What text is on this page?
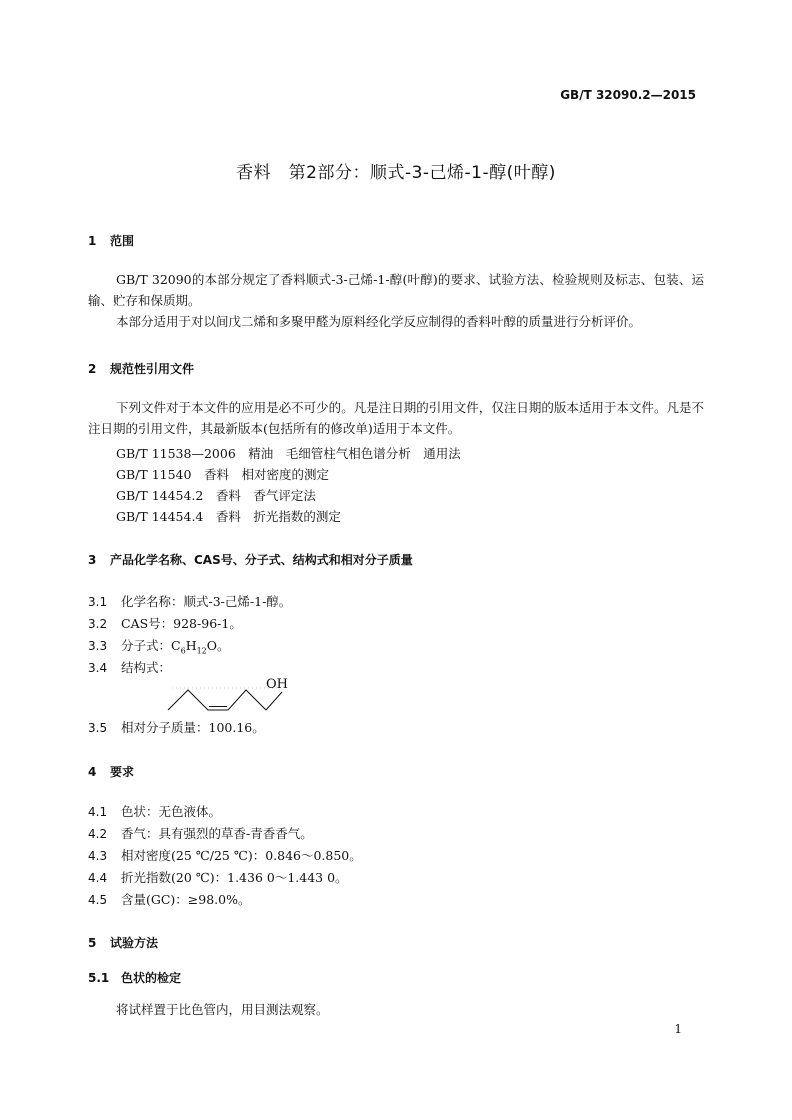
GB/T 32090.2—2015
香料　第2部分：顺式-3-己烯-1-醇(叶醇)
1 范围

GB/T 32090的本部分规定了香料顺式-3-己烯-1-醇(叶醇)的要求、试验方法、检验规则及标志、包装、运输、贮存和保质期。

本部分适用于对以间戊二烯和多聚甲醛为原料经化学反应制得的香料叶醇的质量进行分析评价。

2 规范性引用文件

下列文件对于本文件的应用是必不可少的。凡是注日期的引用文件，仅注日期的版本适用于本文件。凡是不注日期的引用文件，其最新版本(包括所有的修改单)适用于本文件。

GB/T 11538—2006　精油　毛细管柱气相色谱分析　通用法
GB/T 11540　香料　相对密度的测定
GB/T 14454.2　香料　香气评定法
GB/T 14454.4　香料　折光指数的测定
3 产品化学名称、CAS号、分子式、结构式和相对分子质量
3.1 化学名称：顺式-3-己烯-1-醇。
3.2 CAS号：928-96-1。
3.3 分子式：$C_6H_{12}O$。
3.4 结构式：
OH
3.5 相对分子质量：100.16。
4 要求
4.1 色状：无色液体。
4.2 香气：具有强烈的草香-青香香气。
4.3 相对密度(25 ℃/25 ℃)：0.846～0.850。
4.4 折光指数(20 ℃)：1.436 0～1.443 0。
4.5 含量(GC)：≥98.0%。
5 试验方法
5.1 色状的检定

将试样置于比色管内，用目测法观察。

1
